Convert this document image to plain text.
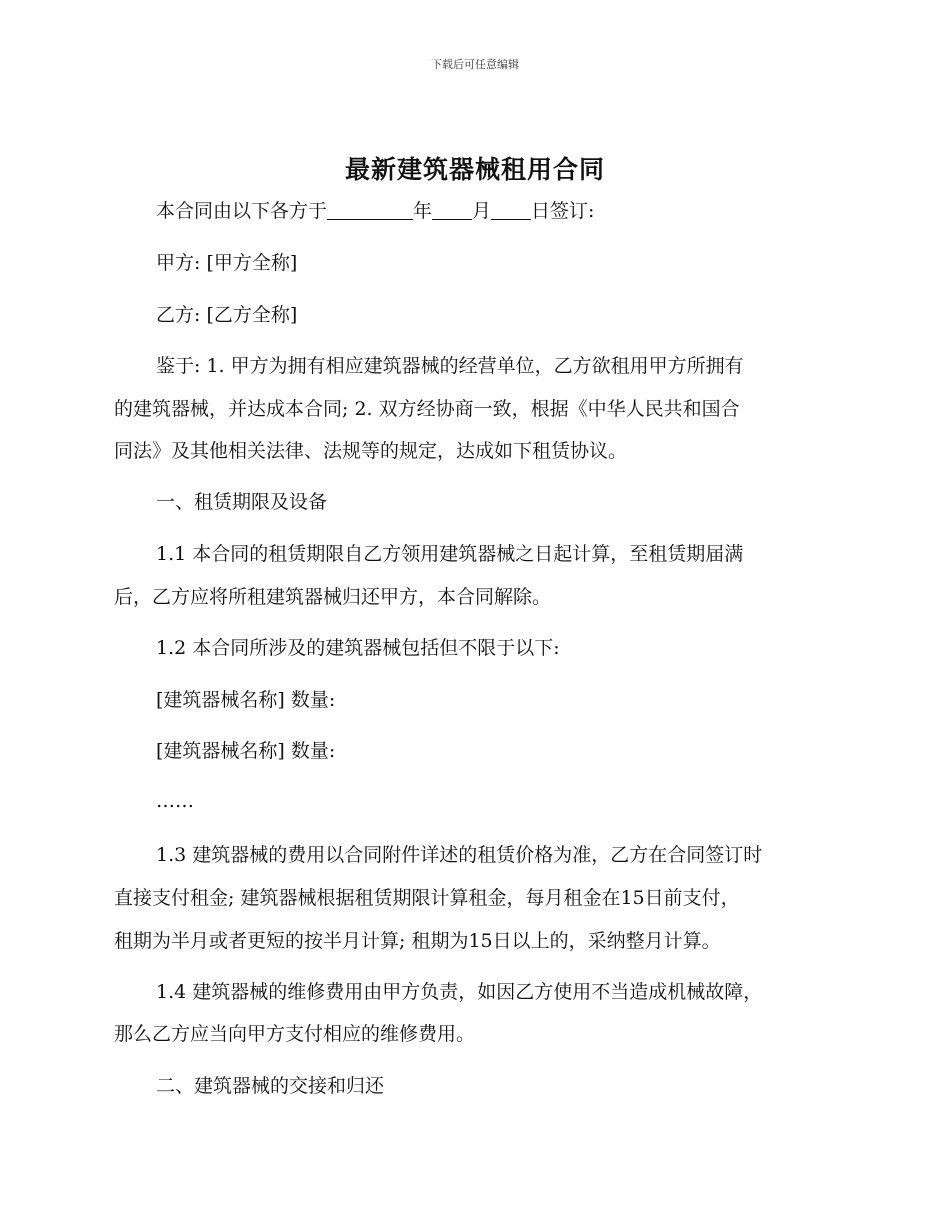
下载后可任意编辑
最新建筑器械租用合同
本合同由以下各方于	年 月 日签订:
甲方: [甲方全称]
乙方: [乙方全称]
鉴于: 1. 甲方为拥有相应建筑器械的经营单位，乙方欲租用甲方所拥有
的建筑器械，并达成本合同; 2. 双方经协商一致，根据《中华人民共和国合
同法》及其他相关法律、法规等的规定，达成如下租赁协议。
一、租赁期限及设备
1.1 本合同的租赁期限自乙方领用建筑器械之日起计算，至租赁期届满
后，乙方应将所租建筑器械归还甲方，本合同解除。
1.2 本合同所涉及的建筑器械包括但不限于以下:
[建筑器械名称] 数量:
[建筑器械名称] 数量:
……
1.3 建筑器械的费用以合同附件详述的租赁价格为准，乙方在合同签订时
直接支付租金; 建筑器械根据租赁期限计算租金，每月租金在15日前支付，
租期为半月或者更短的按半月计算; 租期为15日以上的，采纳整月计算。
1.4 建筑器械的维修费用由甲方负责，如因乙方使用不当造成机械故障，
那么乙方应当向甲方支付相应的维修费用。
二、建筑器械的交接和归还
